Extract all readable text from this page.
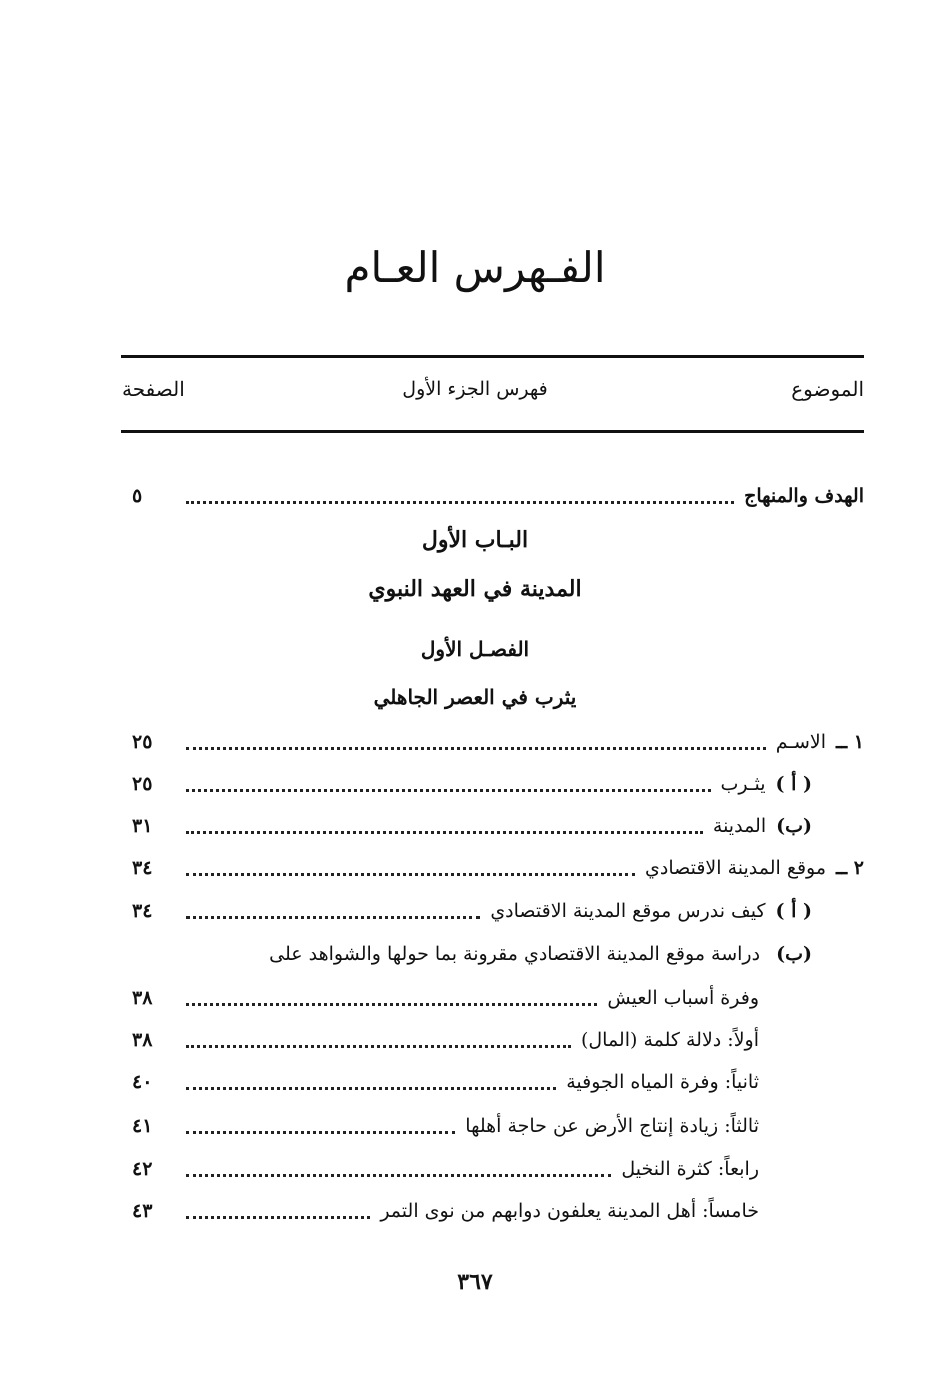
الفـهرس العـام
الموضوع
فهرس الجزء الأول
الصفحة
الهدف والمنهاج
٥
البـاب الأول
المدينة في العهد النبوي
الفصـل الأول
يثرب في العصر الجاهلي
١ ــ
الاسـم
٢٥
( أ )
يثـرب
٢٥
(ب)
المدينة
٣١
٢ ــ
موقع المدينة الاقتصادي
٣٤
( أ )
كيف ندرس موقع المدينة الاقتصادي
٣٤
(ب) دراسة موقع المدينة الاقتصادي مقرونة بما حولها والشواهد على
وفرة أسباب العيش
٣٨
أولاً: دلالة كلمة (المال)
٣٨
ثانياً: وفرة المياه الجوفية
٤٠
ثالثاً: زيادة إنتاج الأرض عن حاجة أهلها
٤١
رابعاً: كثرة النخيل
٤٢
خامساً: أهل المدينة يعلفون دوابهم من نوى التمر
٤٣
٣٦٧
